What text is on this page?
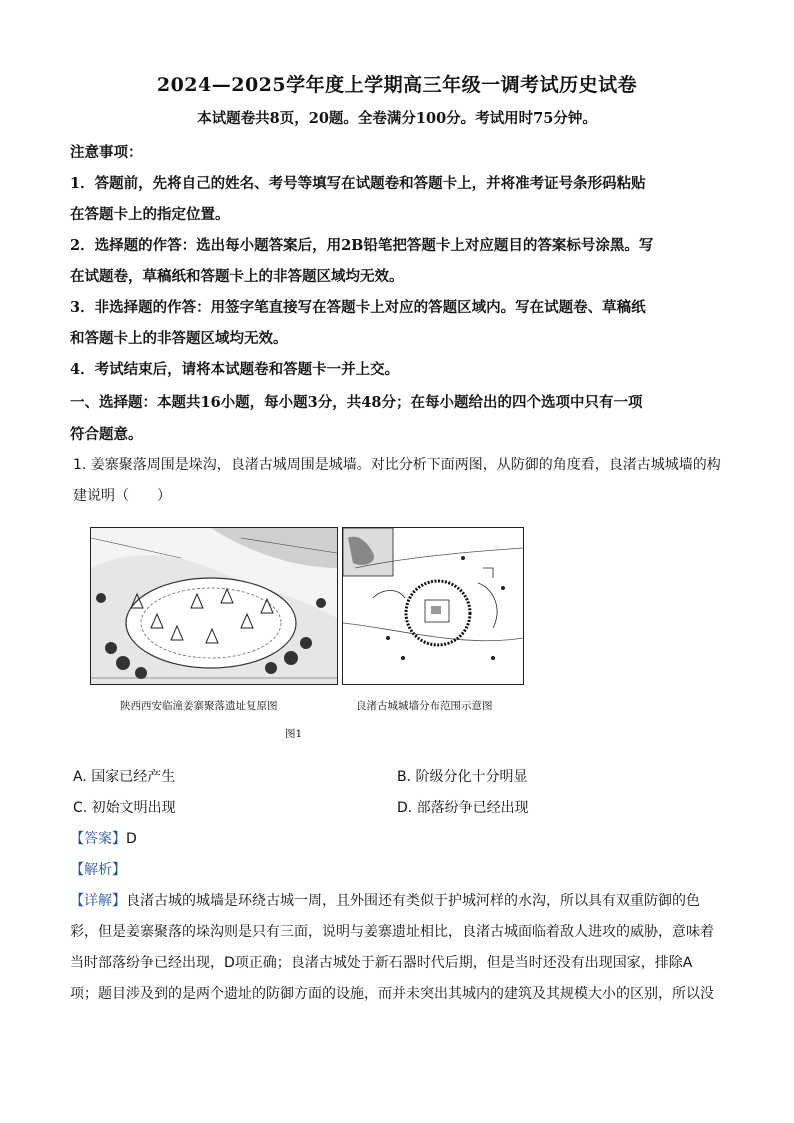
2024—2025学年度上学期高三年级一调考试历史试卷
本试题卷共8页，20题。全卷满分100分。考试用时75分钟。
注意事项：
1．答题前，先将自己的姓名、考号等填写在试题卷和答题卡上，并将准考证号条形码粘贴
在答题卡上的指定位置。
2．选择题的作答：选出每小题答案后，用2B铅笔把答题卡上对应题目的答案标号涂黑。写
在试题卷，草稿纸和答题卡上的非答题区域均无效。
3．非选择题的作答：用签字笔直接写在答题卡上对应的答题区域内。写在试题卷、草稿纸
和答题卡上的非答题区域均无效。
4．考试结束后，请将本试题卷和答题卡一并上交。
一、选择题：本题共16小题，每小题3分，共48分；在每小题给出的四个选项中只有一项
符合题意。
1. 姜寨聚落周围是垛沟，良渚古城周围是城墙。对比分析下面两图，从防御的角度看，良渚古城城墙的构
建说明（　　）
陕西西安临潼姜寨聚落遗址复原图	良渚古城城墙分布范围示意图
图1
A. 国家已经产生	B. 阶级分化十分明显
C. 初始文明出现	D. 部落纷争已经出现
【答案】D
【解析】
【详解】良渚古城的城墙是环绕古城一周，且外围还有类似于护城河样的水沟，所以具有双重防御的色
彩，但是姜寨聚落的垛沟则是只有三面，说明与姜寨遗址相比，良渚古城面临着敌人进攻的威胁，意味着
当时部落纷争已经出现，D项正确；良渚古城处于新石器时代后期，但是当时还没有出现国家，排除A
项；题目涉及到的是两个遗址的防御方面的设施，而并未突出其城内的建筑及其规模大小的区别，所以没
